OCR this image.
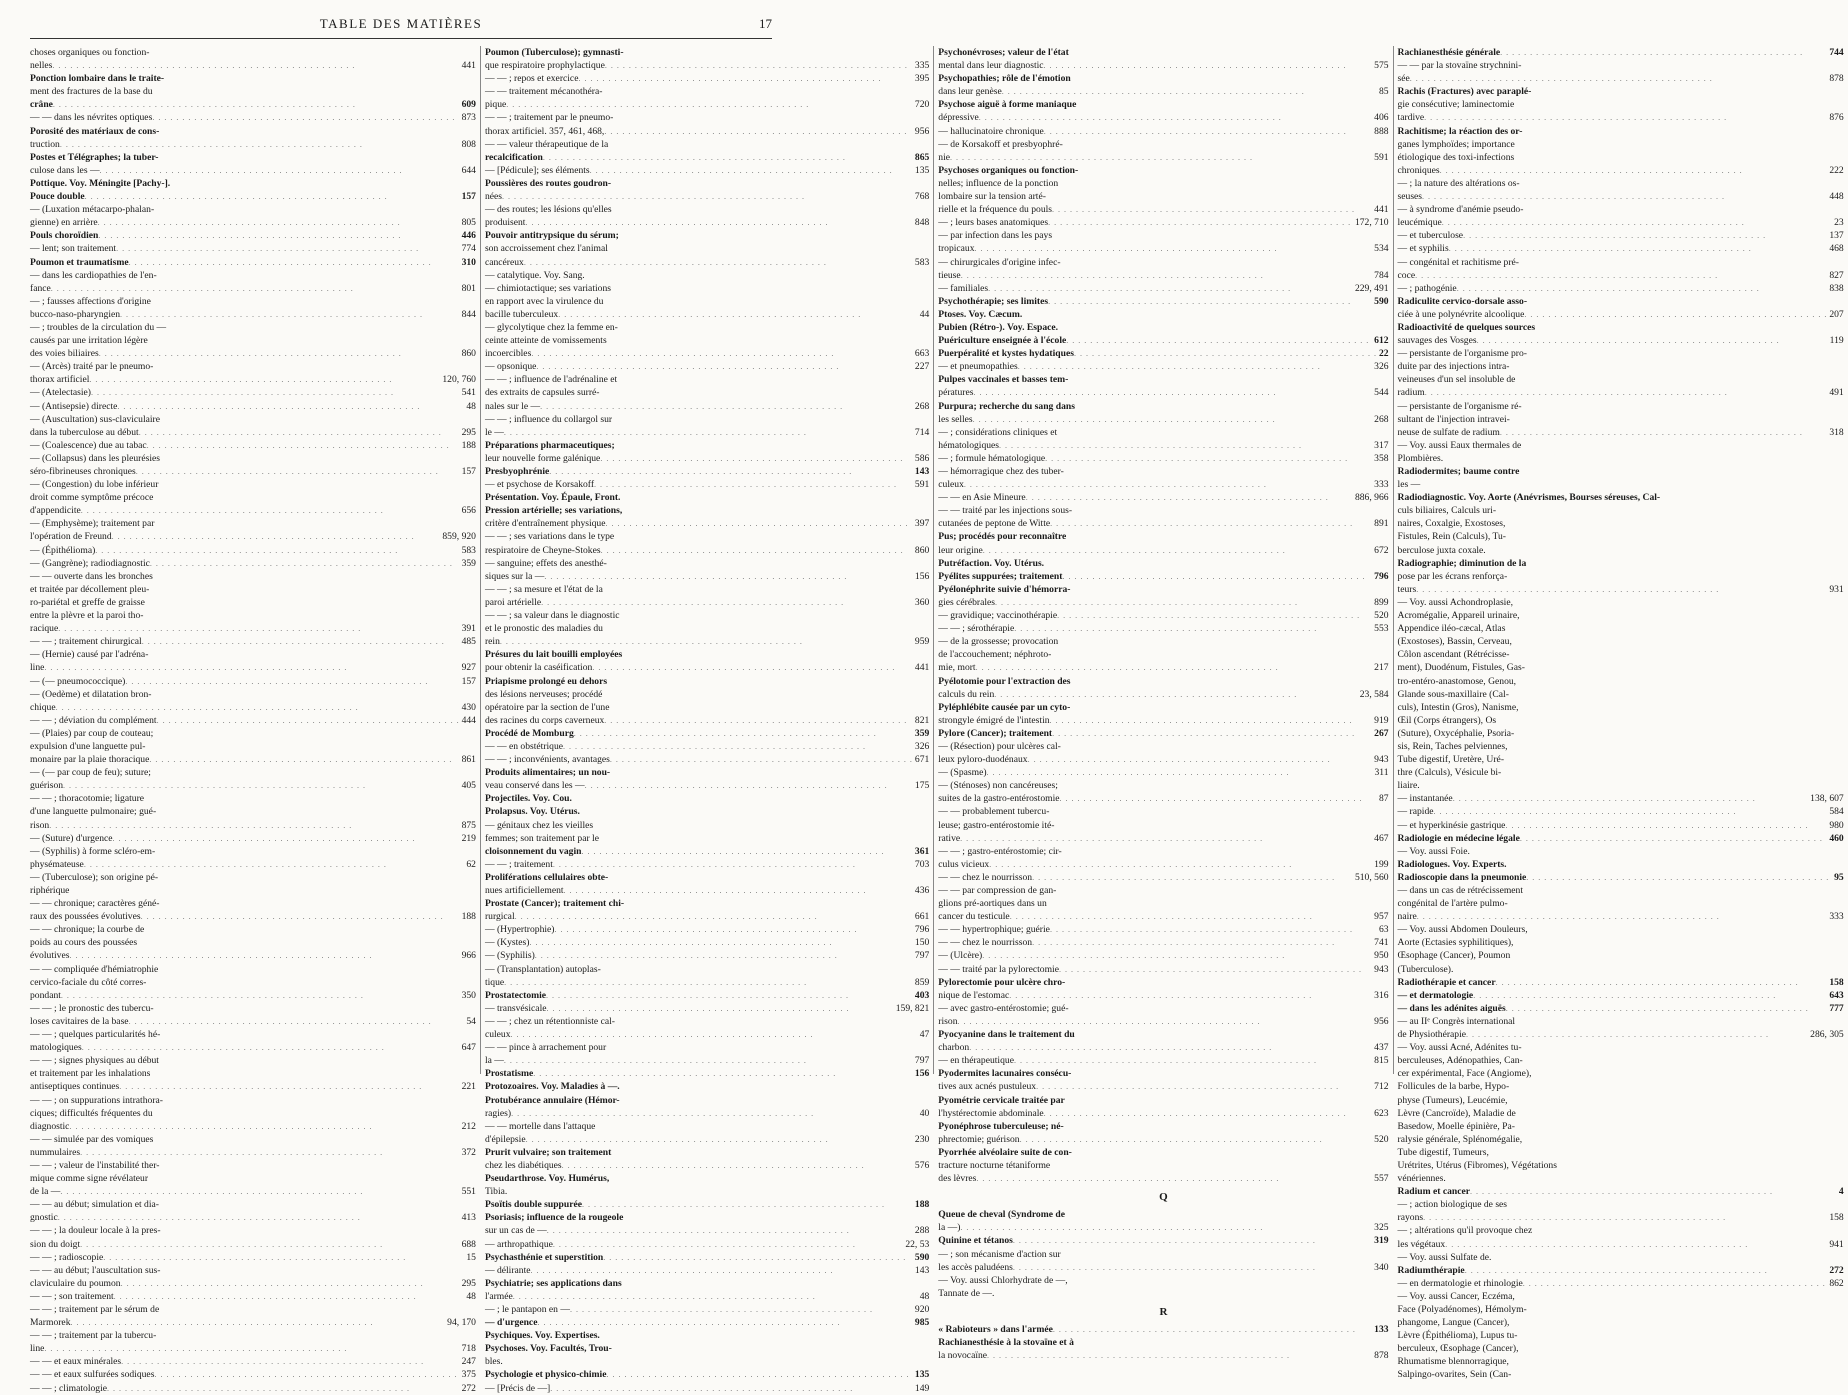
TABLE DES MATIÈRES	17
choses organiques ou fonction-
nelles . . .	441
Ponction lombaire dans le traite-
ment des fractures de la base du
crâne . . .	609
— — dans les névrites optiques . . .	873
Porosité des matériaux de cons-
truction . . .	808
Postes et Télégraphes; la tuber-
culose dans les — . . .	644
Pottique. Voy. Méningite [Pachy-].
Pouce double . . .	157
— (Luxation métacarpo-phalan-
gienne) en arrière . . .	805
Pouls choroïdien . . .	446
— lent; son traitement . . .	774
Poumon et traumatisme . . .	310
— dans les cardiopathies de l'en-
fance . . .	801
— ; fausses affections d'origine
bucco-naso-pharyngien . . .	844
— ; troubles de la circulation du —
causés par une irritation légère
des voies biliaires . . .	860
— (Arcès) traité par le pneumo-
thorax artificiel . . .	120, 760
— (Atelectasie) . . .	541
— (Antisepsie) directe . . .	48
— (Auscultation) sus-claviculaire
dans la tuberculose au début . . .	295
— (Coalescence) due au tabac . . .	188
— (Collapsus) dans les pleurésies
séro-fibrineuses chroniques . . .	157
— (Congestion) du lobe inférieur
droit comme symptôme précoce
d'appendicite . . .	656
— (Emphysème); traitement par
l'opération de Freund . . .	859, 920
— (Épithélioma) . . .	583
— (Gangrène); radiodiagnostic . . .	359
— — ouverte dans les bronches
et traitée par décollement pleu-
ro-pariétal et greffe de graisse
entre la plèvre et la paroi tho-
racique . . .	391
— — ; traitement chirurgical . . .	485
— (Hernie) causé par l'adréna-
line . . .	927
— (— pneumococcique) . . .	157
— (Oedème) et dilatation bron-
chique . . .	430
— — ; déviation du complément . . .	444
— (Plaies) par coup de couteau;
expulsion d'une languette pul-
monaire par la plaie thoracique . . .	861
— (— par coup de feu); suture;
guérison . . .	405
— — ; thoracotomie; ligature
d'une languette pulmonaire; gué-
rison . . .	875
— (Suture) d'urgence . . .	219
— (Syphilis) à forme scléro-em-
physémateuse . . .	62
— (Tuberculose); son origine pé-
riphérique
— — chronique; caractères géné-
raux des poussées évolutives . . .	188
— — chronique; la courbe de
poids au cours des poussées
évolutives . . .	966
— — compliquée d'hémiatrophie
cervico-faciale du côté corres-
pondant . . .	350
— — ; le pronostic des tubercu-
loses cavitaires de la base . . .	54
— — ; quelques particularités hé-
matologiques . . .	647
— — ; signes physiques au début
et traitement par les inhalations
antiseptiques continues . . .	221
— — ; on suppurations intrathora-
ciques; difficultés fréquentes du
diagnostic . . .	212
— — simulée par des vomiques
nummulaires . . .	372
— — ; valeur de l'instabilité ther-
mique comme signe révélateur
de la — . . .	551
— — au début; simulation et dia-
gnostic . . .	413
— — ; la douleur locale à la pres-
sion du doigt . . .	688
— — ; radioscopie . . .	15
— — au début; l'auscultation sus-
claviculaire du poumon . . .	295
— — ; son traitement . . .	48
— — ; traitement par le sérum de
Marmorek . . .	94, 170
— — ; traitement par la tubercu-
line . . .	718
— — et eaux minérales . . .	247
— — et eaux sulfurées sodiques . . .	375
— — ; climatologie . . .	272
Poumon (Tuberculose); gymnasti-
que respiratoire prophylactique . . .	335
— — ; repos et exercice . . .	395
— — traitement mécanothéra-
pique . . .	720
— — ; traitement par le pneumo-
thorax artificiel. 357, 461, 468, . . .	956
— — valeur thérapeutique de la
recalcification . . .	865
— [Pédicule]; ses éléments . . .	135
Poussières des routes goudron-
nées . . .	768
— des routes; les lésions qu'elles
produisent . . .	848
Pouvoir antitrypsique du sérum;
son accroissement chez l'animal
cancéreux . . .	583
— catalytique. Voy. Sang.
— chimiotactique; ses variations
en rapport avec la virulence du
bacille tuberculeux . . .	44
— glycolytique chez la femme en-
ceinte atteinte de vomissements
incoercibles . . .	663
— opsonique . . .	227
— — ; influence de l'adrénaline et
des extraits de capsules surré-
nales sur le — . . .	268
— — ; influence du collargol sur
le — . . .	714
Préparations pharmaceutiques;
leur nouvelle forme galénique . . .	586
Presbyophrénie . . .	143
— et psychose de Korsakoff . . .	591
Présentation. Voy. Épaule, Front.
Pression artérielle; ses variations,
critère d'entraînement physique . . .	397
— — ; ses variations dans le type
respiratoire de Cheyne-Stokes . . .	860
— sanguine; effets des anesthé-
siques sur la — . . .	156
— — ; sa mesure et l'état de la
paroi artérielle . . .	360
— — ; sa valeur dans le diagnostic
et le pronostic des maladies du
rein . . .	959
Présures du lait bouilli employées
pour obtenir la caséification . . .	441
Priapisme prolongé eu dehors
des lésions nerveuses; procédé
opératoire par la section de l'une
des racines du corps caverneux . . .	821
Procédé de Momburg . . .	359
— — en obstétrique . . .	326
— — ; inconvénients, avantages . . .	671
Produits alimentaires; un nou-
veau conservé dans les — . . .	175
Projectiles. Voy. Cou.
Prolapsus. Voy. Utérus.
— génitaux chez les vieilles
femmes; son traitement par le
cloisonnement du vagin . . .	361
— — ; traitement . . .	703
Proliférations cellulaires obte-
nues artificiellement . . .	436
Prostate (Cancer); traitement chi-
rurgical . . .	661
— (Hypertrophie) . . .	796
— (Kystes) . . .	150
— (Syphilis) . . .	797
— (Transplantation) autoplas-
tique . . .	859
Prostatectomie . . .	403
— transvésicale . . .	159, 821
— — ; chez un rétentionniste cal-
culeux . . .	47
— — pince à arrachement pour
la — . . .	797
Prostatisme . . .	156
Protozoaires. Voy. Maladies à —.
Protubérance annulaire (Hémor-
ragies) . . .	40
— — mortelle dans l'attaque
d'épilepsie . . .	230
Prurit vulvaire; son traitement
chez les diabétiques . . .	576
Pseudarthrose. Voy. Humérus,
Tibia.
Psoïtis double suppurée . . .	188
Psoriasis; influence de la rougeole
sur un cas de — . . .	288
— arthropathique . . .	22, 53
Psychasthénie et superstition . . .	590
— délirante . . .	143
Psychiatrie; ses applications dans
l'armée . . .	48
— ; le pantapon en — . . .	920
— d'urgence . . .	985
Psychiques. Voy. Expertises.
Psychoses. Voy. Facultés, Trou-
bles.
Psychologie et physico-chimie . . .	135
— [Précis de —] . . .	149
Psychonévroses; valeur de l'état
mental dans leur diagnostic . . .	575
Psychopathies; rôle de l'émotion
dans leur genèse . . .	85
Psychose aiguë à forme maniaque
dépressive . . .	406
— hallucinatoire chronique . . .	888
— de Korsakoff et presbyophré-
nie . . .	591
Psychoses organiques ou fonction-
nelles; influence de la ponction
lombaire sur la tension arté-
rielle et la fréquence du pouls . . .	441
— ; leurs bases anatomiques . . .	172, 710
— par infection dans les pays
tropicaux . . .	534
— chirurgicales d'origine infec-
tieuse . . .	784
— familiales . . .	229, 491
Psychothérapie; ses limites . . .	590
Ptoses. Voy. Cæcum.
Pubien (Rétro-). Voy. Espace.
Puériculture enseignée à l'école . . .	612
Puerpéralité et kystes hydatiques . . .	22
— et pneumopathies . . .	326
Pulpes vaccinales et basses tem-
pératures . . .	544
Purpura; recherche du sang dans
les selles . . .	268
— ; considérations cliniques et
hématologiques . . .	317
— ; formule hématologique . . .	358
— hémorragique chez des tuber-
culeux . . .	333
— — en Asie Mineure . . .	886, 966
— — traité par les injections sous-
cutanées de peptone de Witte . . .	891
Pus; procédés pour reconnaître
leur origine . . .	672
Putréfaction. Voy. Utérus.
Pyélites suppurées; traitement . . .	796
Pyélonéphrite suivie d'hémorra-
gies cérébrales . . .	899
— gravidique; vaccinothérapie . . .	520
— — ; sérothérapie . . .	553
— de la grossesse; provocation
de l'accouchement; néphroto-
mie, mort . . .	217
Pyélotomie pour l'extraction des
calculs du rein . . .	23, 584
Pyléphlébite causée par un cyto-
strongyle émigré de l'intestin . . .	919
Pylore (Cancer); traitement . . .	267
— (Résection) pour ulcères cal-
leux pyloro-duodénaux . . .	943
— (Spasme) . . .	311
— (Sténoses) non cancéreuses;
suites de la gastro-entérostomie . . .	87
— — probablement tubercu-
leuse; gastro-entérostomie ité-
rative . . .	467
— — ; gastro-entérostomie; cir-
culus vicieux . . .	199
— — chez le nourrisson . . .	510, 560
— — par compression de gan-
glions pré-aortiques dans un
cancer du testicule . . .	957
— — hypertrophique; guérie . . .	63
— — chez le nourrisson . . .	741
— (Ulcère) . . .	950
— — traité par la pylorectomie . . .	943
Pylorectomie pour ulcère chro-
nique de l'estomac . . .	316
— avec gastro-entérostomie; gué-
rison . . .	956
Pyocyanine dans le traitement du
charbon . . .	437
— en thérapeutique . . .	815
Pyodermites lacunaires consécu-
tives aux acnés pustuleux . . .	712
Pyométrie cervicale traitée par
l'hystérectomie abdominale . . .	623
Pyonéphrose tuberculeuse; né-
phrectomie; guérison . . .	520
Pyorrhée alvéolaire suite de con-
tracture nocturne tétaniforme
des lèvres . . .	557
Q
Queue de cheval (Syndrome de
la —) . . .	325
Quinine et tétanos . . .	319
— ; son mécanisme d'action sur
les accès paludéens . . .	340
— Voy. aussi Chlorhydrate de —,
Tannate de —.
R
« Rabioteurs » dans l'armée . . .	133
Rachianesthésie à la stovaïne et à
la novocaïne . . .	878
Rachianesthésie générale . . .	744
— — par la stovaïne strychnini-
sée . . .	878
Rachis (Fractures) avec paraplé-
gie consécutive; laminectomie
tardive . . .	876
Rachitisme; la réaction des or-
ganes lymphoïdes; importance
étiologique des toxi-infections
chroniques . . .	222
— ; la nature des altérations os-
seuses . . .	448
— à syndrome d'anémie pseudo-
leucémique . . .	23
— et tuberculose . . .	137
— et syphilis . . .	468
— congénital et rachitisme pré-
coce . . .	827
— ; pathogénie . . .	838
Radiculite cervico-dorsale asso-
ciée à une polynévrite alcoolique . . .	207
Radioactivité de quelques sources
sauvages des Vosges . . .	119
— persistante de l'organisme pro-
duite par des injections intra-
veineuses d'un sel insoluble de
radium . . .	491
— persistante de l'organisme ré-
sultant de l'injection intravei-
neuse de sulfate de radium . . .	318
— Voy. aussi Eaux thermales de
Plombières.
Radiodermites; baume contre
les —
Radiodiagnostic. Voy. Aorte (Anévrismes, Bourses séreuses, Cal-
culs biliaires, Calculs uri-
naires, Coxalgie, Exostoses,
Fistules, Rein (Calculs), Tu-
berculose juxta coxale.
Radiographie; diminution de la
pose par les écrans renforça-
teurs . . .	931
— Voy. aussi Achondroplasie,
Acromégalie, Appareil urinaire,
Appendice iléo-cæcal, Atlas
(Exostoses), Bassin, Cerveau,
Côlon ascendant (Rétrécisse-
ment), Duodénum, Fistules, Gas-
tro-entéro-anastomose, Genou,
Glande sous-maxillaire (Cal-
culs), Intestin (Gros), Nanisme,
Œil (Corps étrangers), Os
(Suture), Oxycéphalie, Psoria-
sis, Rein, Taches pelviennes,
Tube digestif, Uretère, Uré-
thre (Calculs), Vésicule bi-
liaire.
— instantanée . . .	138, 607
— rapide . . .	584
— et hyperkinésie gastrique . . .	980
Radiologie en médecine légale . . .	460
— Voy. aussi Foie.
Radiologues. Voy. Experts.
Radioscopie dans la pneumonie . . .	95
— dans un cas de rétrécissement
congénital de l'artère pulmo-
naire . . .	333
— Voy. aussi Abdomen Douleurs,
Aorte (Ectasies syphilitiques),
Œsophage (Cancer), Poumon
(Tuberculose).
Radiothérapie et cancer . . .	158
— et dermatologie . . .	643
— dans les adénites aiguës . . .	777
— au IIᵉ Congrès international
de Physiothérapie . . .	286, 305
— Voy. aussi Acné, Adénites tu-
berculeuses, Adénopathies, Can-
cer expérimental, Face (Angiome),
Follicules de la barbe, Hypo-
physe (Tumeurs), Leucémie,
Lèvre (Cancroïde), Maladie de
Basedow, Moelle épinière, Pa-
ralysie générale, Splénomégalie,
Tube digestif, Tumeurs,
Urétrites, Utérus (Fibromes), Végétations
vénériennes.
Radium et cancer . . .	4
— ; action biologique de ses
rayons . . .	158
— ; altérations qu'il provoque chez
les végétaux . . .	941
— Voy. aussi Sulfate de.
Radiumthérapie . . .	272
— en dermatologie et rhinologie . . .	862
— Voy. aussi Cancer, Eczéma,
Face (Polyadénomes), Hémolym-
phangome, Langue (Cancer),
Lèvre (Épithélioma), Lupus tu-
berculeux, Œsophage (Cancer),
Rhumatisme blennorragique,
Salpingo-ovarites, Sein (Can-
